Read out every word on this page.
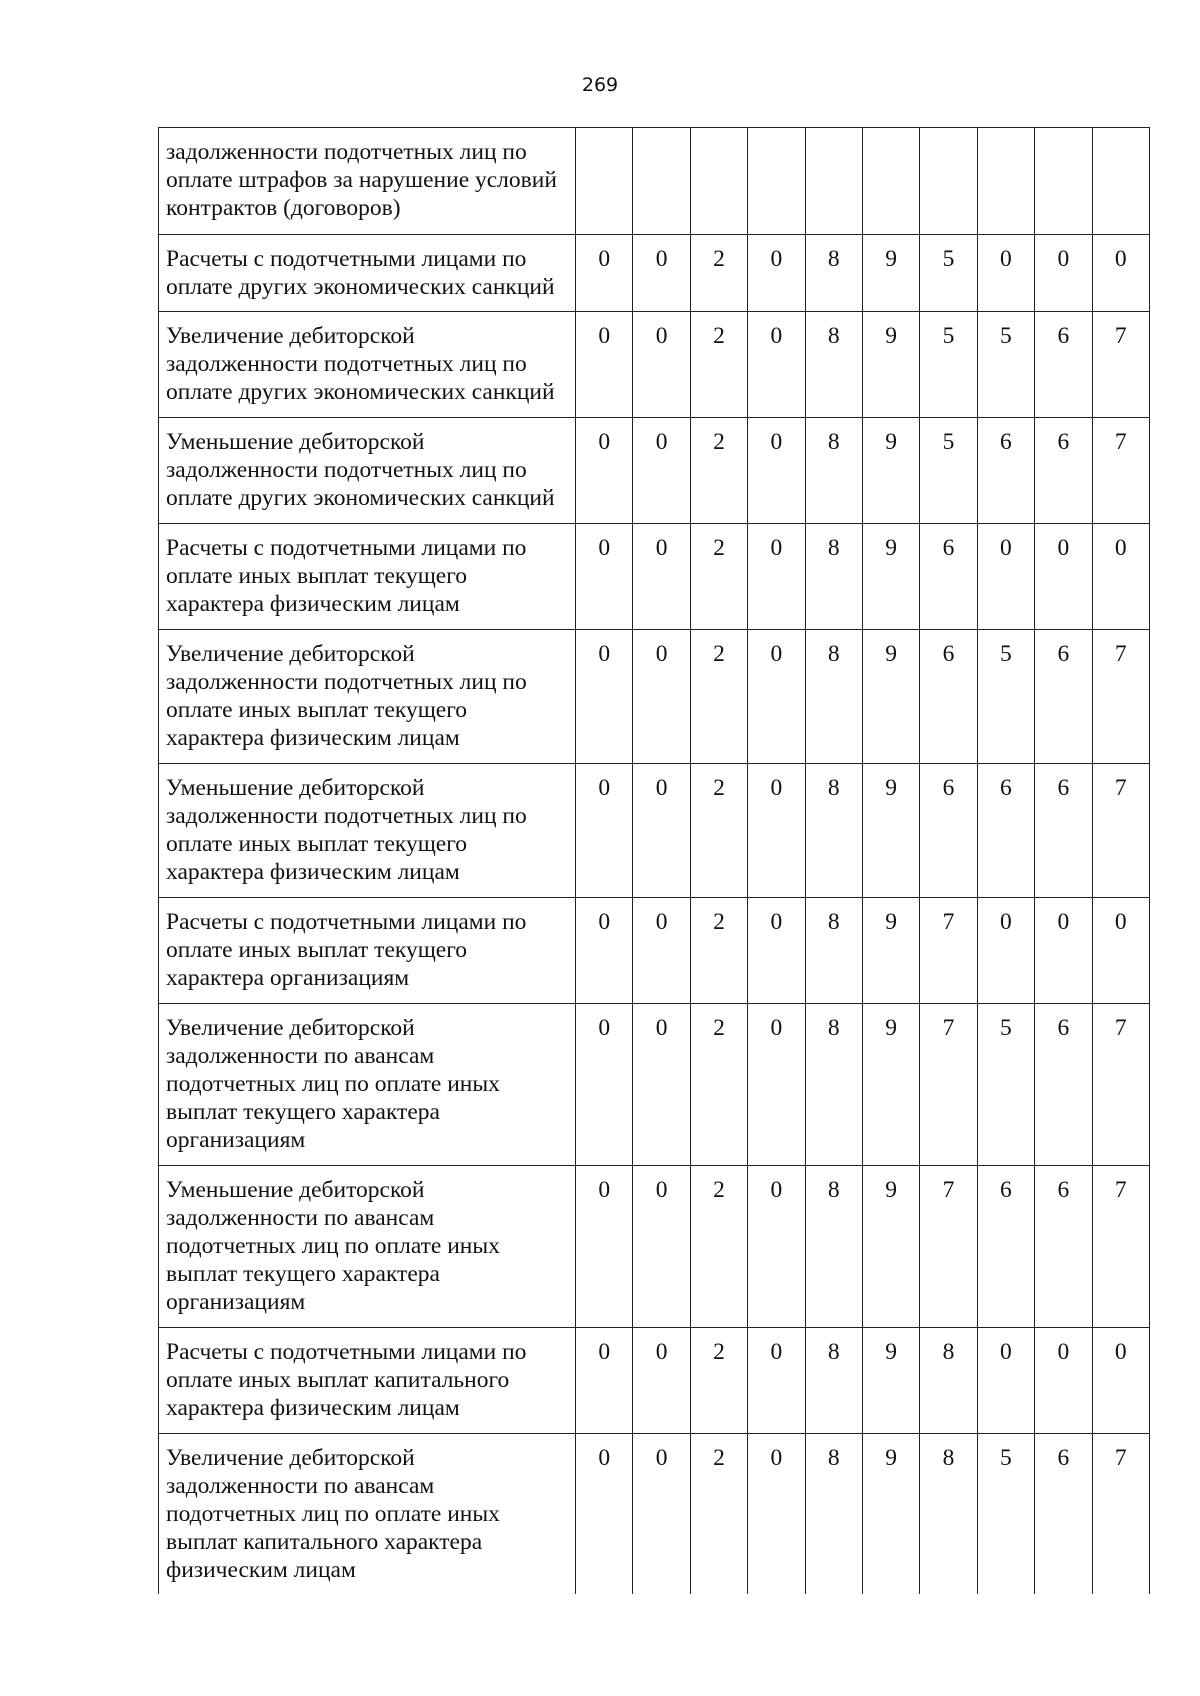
269
задолженности подотчетных лиц по оплате штрафов за нарушение условий контрактов (договоров)										
Расчеты с подотчетными лицами по оплате других экономических санкций	0	0	2	0	8	9	5	0	0	0
Увеличение дебиторской задолженности подотчетных лиц по оплате других экономических санкций	0	0	2	0	8	9	5	5	6	7
Уменьшение дебиторской задолженности подотчетных лиц по оплате других экономических санкций	0	0	2	0	8	9	5	6	6	7
Расчеты с подотчетными лицами по оплате иных выплат текущего характера физическим лицам	0	0	2	0	8	9	6	0	0	0
Увеличение дебиторской задолженности подотчетных лиц по оплате иных выплат текущего характера физическим лицам	0	0	2	0	8	9	6	5	6	7
Уменьшение дебиторской задолженности подотчетных лиц по оплате иных выплат текущего характера физическим лицам	0	0	2	0	8	9	6	6	6	7
Расчеты с подотчетными лицами по оплате иных выплат текущего характера организациям	0	0	2	0	8	9	7	0	0	0
Увеличение дебиторской задолженности по авансам подотчетных лиц по оплате иных выплат текущего характера организациям	0	0	2	0	8	9	7	5	6	7
Уменьшение дебиторской задолженности по авансам подотчетных лиц по оплате иных выплат текущего характера организациям	0	0	2	0	8	9	7	6	6	7
Расчеты с подотчетными лицами по оплате иных выплат капитального характера физическим лицам	0	0	2	0	8	9	8	0	0	0
Увеличение дебиторской задолженности по авансам подотчетных лиц по оплате иных выплат капитального характера физическим лицам	0	0	2	0	8	9	8	5	6	7
